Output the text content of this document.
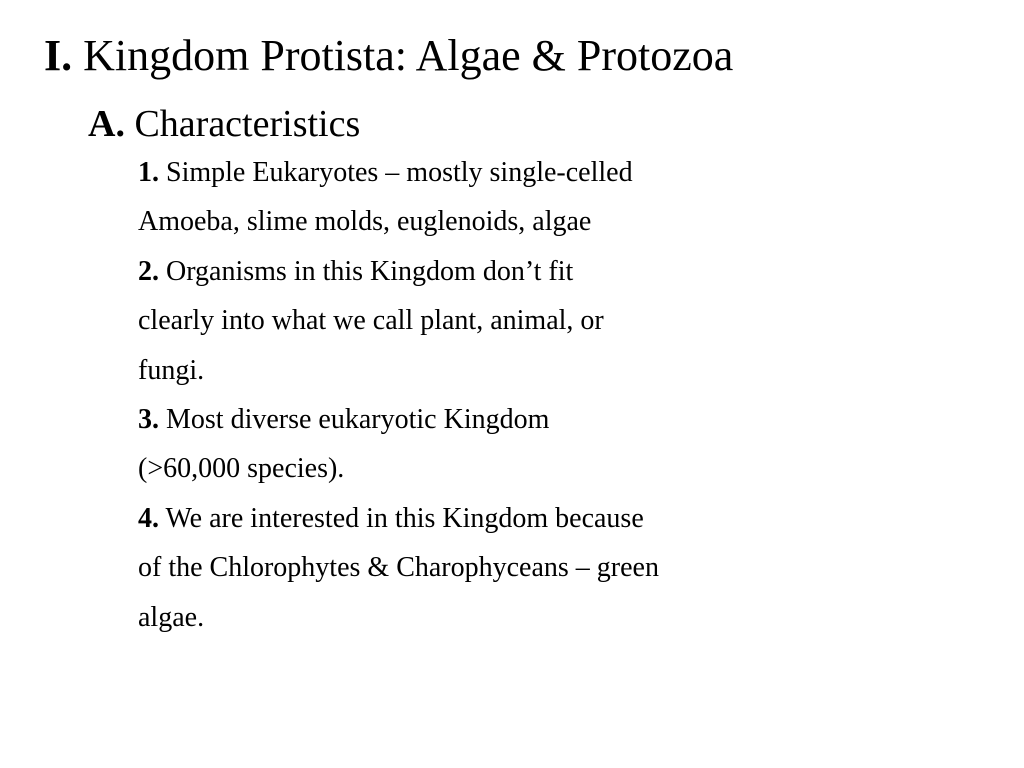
I. Kingdom Protista: Algae & Protozoa
A. Characteristics
1. Simple Eukaryotes – mostly single-celled
Amoeba, slime molds, euglenoids, algae
2. Organisms in this Kingdom don’t fit
clearly into what we call plant, animal, or
fungi.
3. Most diverse eukaryotic Kingdom
(>60,000 species).
4. We are interested in this Kingdom because
of the Chlorophytes & Charophyceans – green
algae.
